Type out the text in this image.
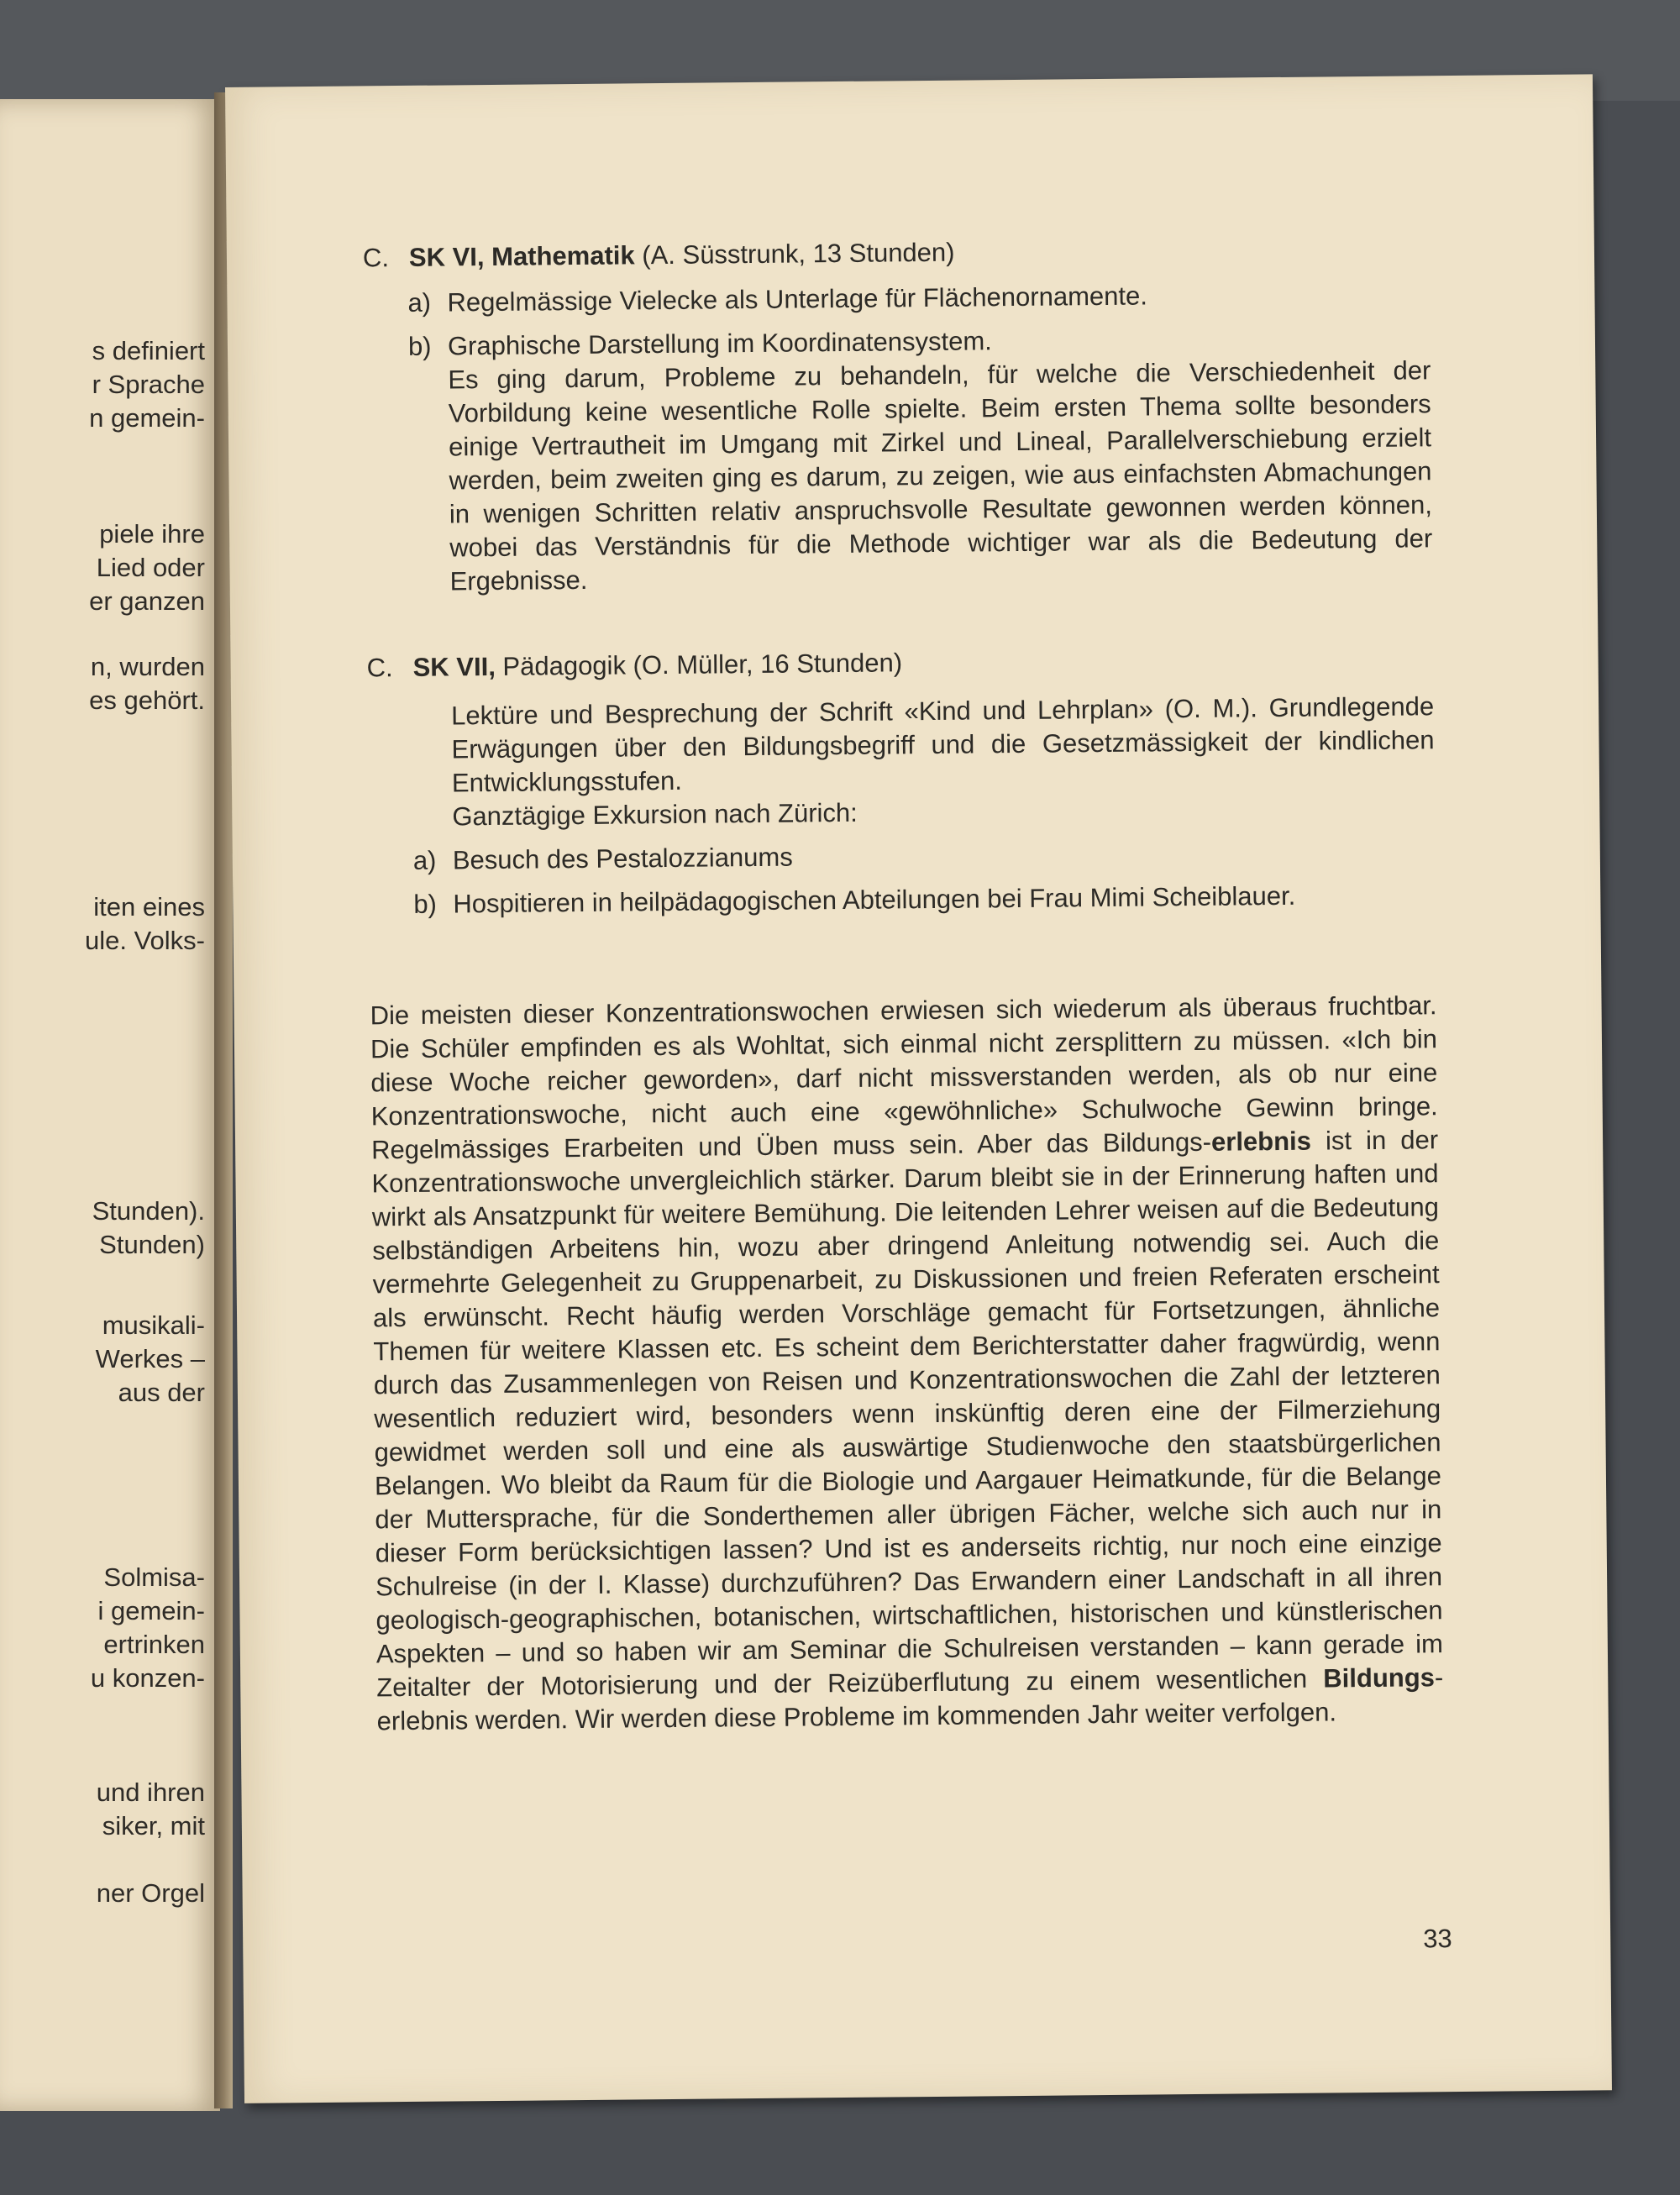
s definiert
r Sprache
n gemein-
piele ihre
Lied oder
er ganzen
n, wurden
es gehört.
iten eines
ule. Volks-
Stunden).
Stunden)
musikali-
Werkes –
aus der
Solmisa-
i gemein-
ertrinken
u konzen-
und ihren
siker, mit
ner Orgel
C. SK VI, Mathematik (A. Süsstrunk, 13 Stunden)
a) Regelmässige Vielecke als Unterlage für Flächenornamente.
b) Graphische Darstellung im Koordinatensystem.

Es ging darum, Probleme zu behandeln, für welche die Verschiedenheit der Vorbildung keine wesentliche Rolle spielte. Beim ersten Thema sollte besonders einige Vertrautheit im Umgang mit Zirkel und Lineal, Parallelverschiebung erzielt werden, beim zweiten ging es darum, zu zeigen, wie aus einfachsten Abmachungen in wenigen Schritten relativ anspruchsvolle Resultate gewonnen werden können, wobei das Verständnis für die Methode wichtiger war als die Bedeutung der Ergebnisse.

C. SK VII, Pädagogik (O. Müller, 16 Stunden)

Lektüre und Besprechung der Schrift «Kind und Lehrplan» (O. M.). Grundlegende Erwägungen über den Bildungsbegriff und die Gesetzmässigkeit der kindlichen Entwicklungsstufen.

Ganztägige Exkursion nach Zürich:

a) Besuch des Pestalozzianums
b) Hospitieren in heilpädagogischen Abteilungen bei Frau Mimi Scheiblauer.

Die meisten dieser Konzentrationswochen erwiesen sich wiederum als überaus fruchtbar. Die Schüler empfinden es als Wohltat, sich einmal nicht zersplittern zu müssen. «Ich bin diese Woche reicher geworden», darf nicht missverstanden werden, als ob nur eine Konzentrationswoche, nicht auch eine «gewöhnliche» Schulwoche Gewinn bringe. Regelmässiges Erarbeiten und Üben muss sein. Aber das Bildungs-erlebnis ist in der Konzentrationswoche unvergleichlich stärker. Darum bleibt sie in der Erinnerung haften und wirkt als Ansatzpunkt für weitere Bemühung. Die leitenden Lehrer weisen auf die Bedeutung selbständigen Arbeitens hin, wozu aber dringend Anleitung notwendig sei. Auch die vermehrte Gelegenheit zu Gruppenarbeit, zu Diskussionen und freien Referaten erscheint als erwünscht. Recht häufig werden Vorschläge gemacht für Fortsetzungen, ähnliche Themen für weitere Klassen etc. Es scheint dem Berichterstatter daher fragwürdig, wenn durch das Zusammenlegen von Reisen und Konzentrationswochen die Zahl der letzteren wesentlich reduziert wird, besonders wenn inskünftig deren eine der Filmerziehung gewidmet werden soll und eine als auswärtige Studienwoche den staatsbürgerlichen Belangen. Wo bleibt da Raum für die Biologie und Aargauer Heimatkunde, für die Belange der Muttersprache, für die Sonderthemen aller übrigen Fächer, welche sich auch nur in dieser Form berücksichtigen lassen? Und ist es anderseits richtig, nur noch eine einzige Schulreise (in der I. Klasse) durchzuführen? Das Erwandern einer Landschaft in all ihren geologisch-geographischen, botanischen, wirtschaftlichen, historischen und künstlerischen Aspekten – und so haben wir am Seminar die Schulreisen verstanden – kann gerade im Zeitalter der Motorisierung und der Reizüberflutung zu einem wesentlichen Bildungs-erlebnis werden. Wir werden diese Probleme im kommenden Jahr weiter verfolgen.

33
